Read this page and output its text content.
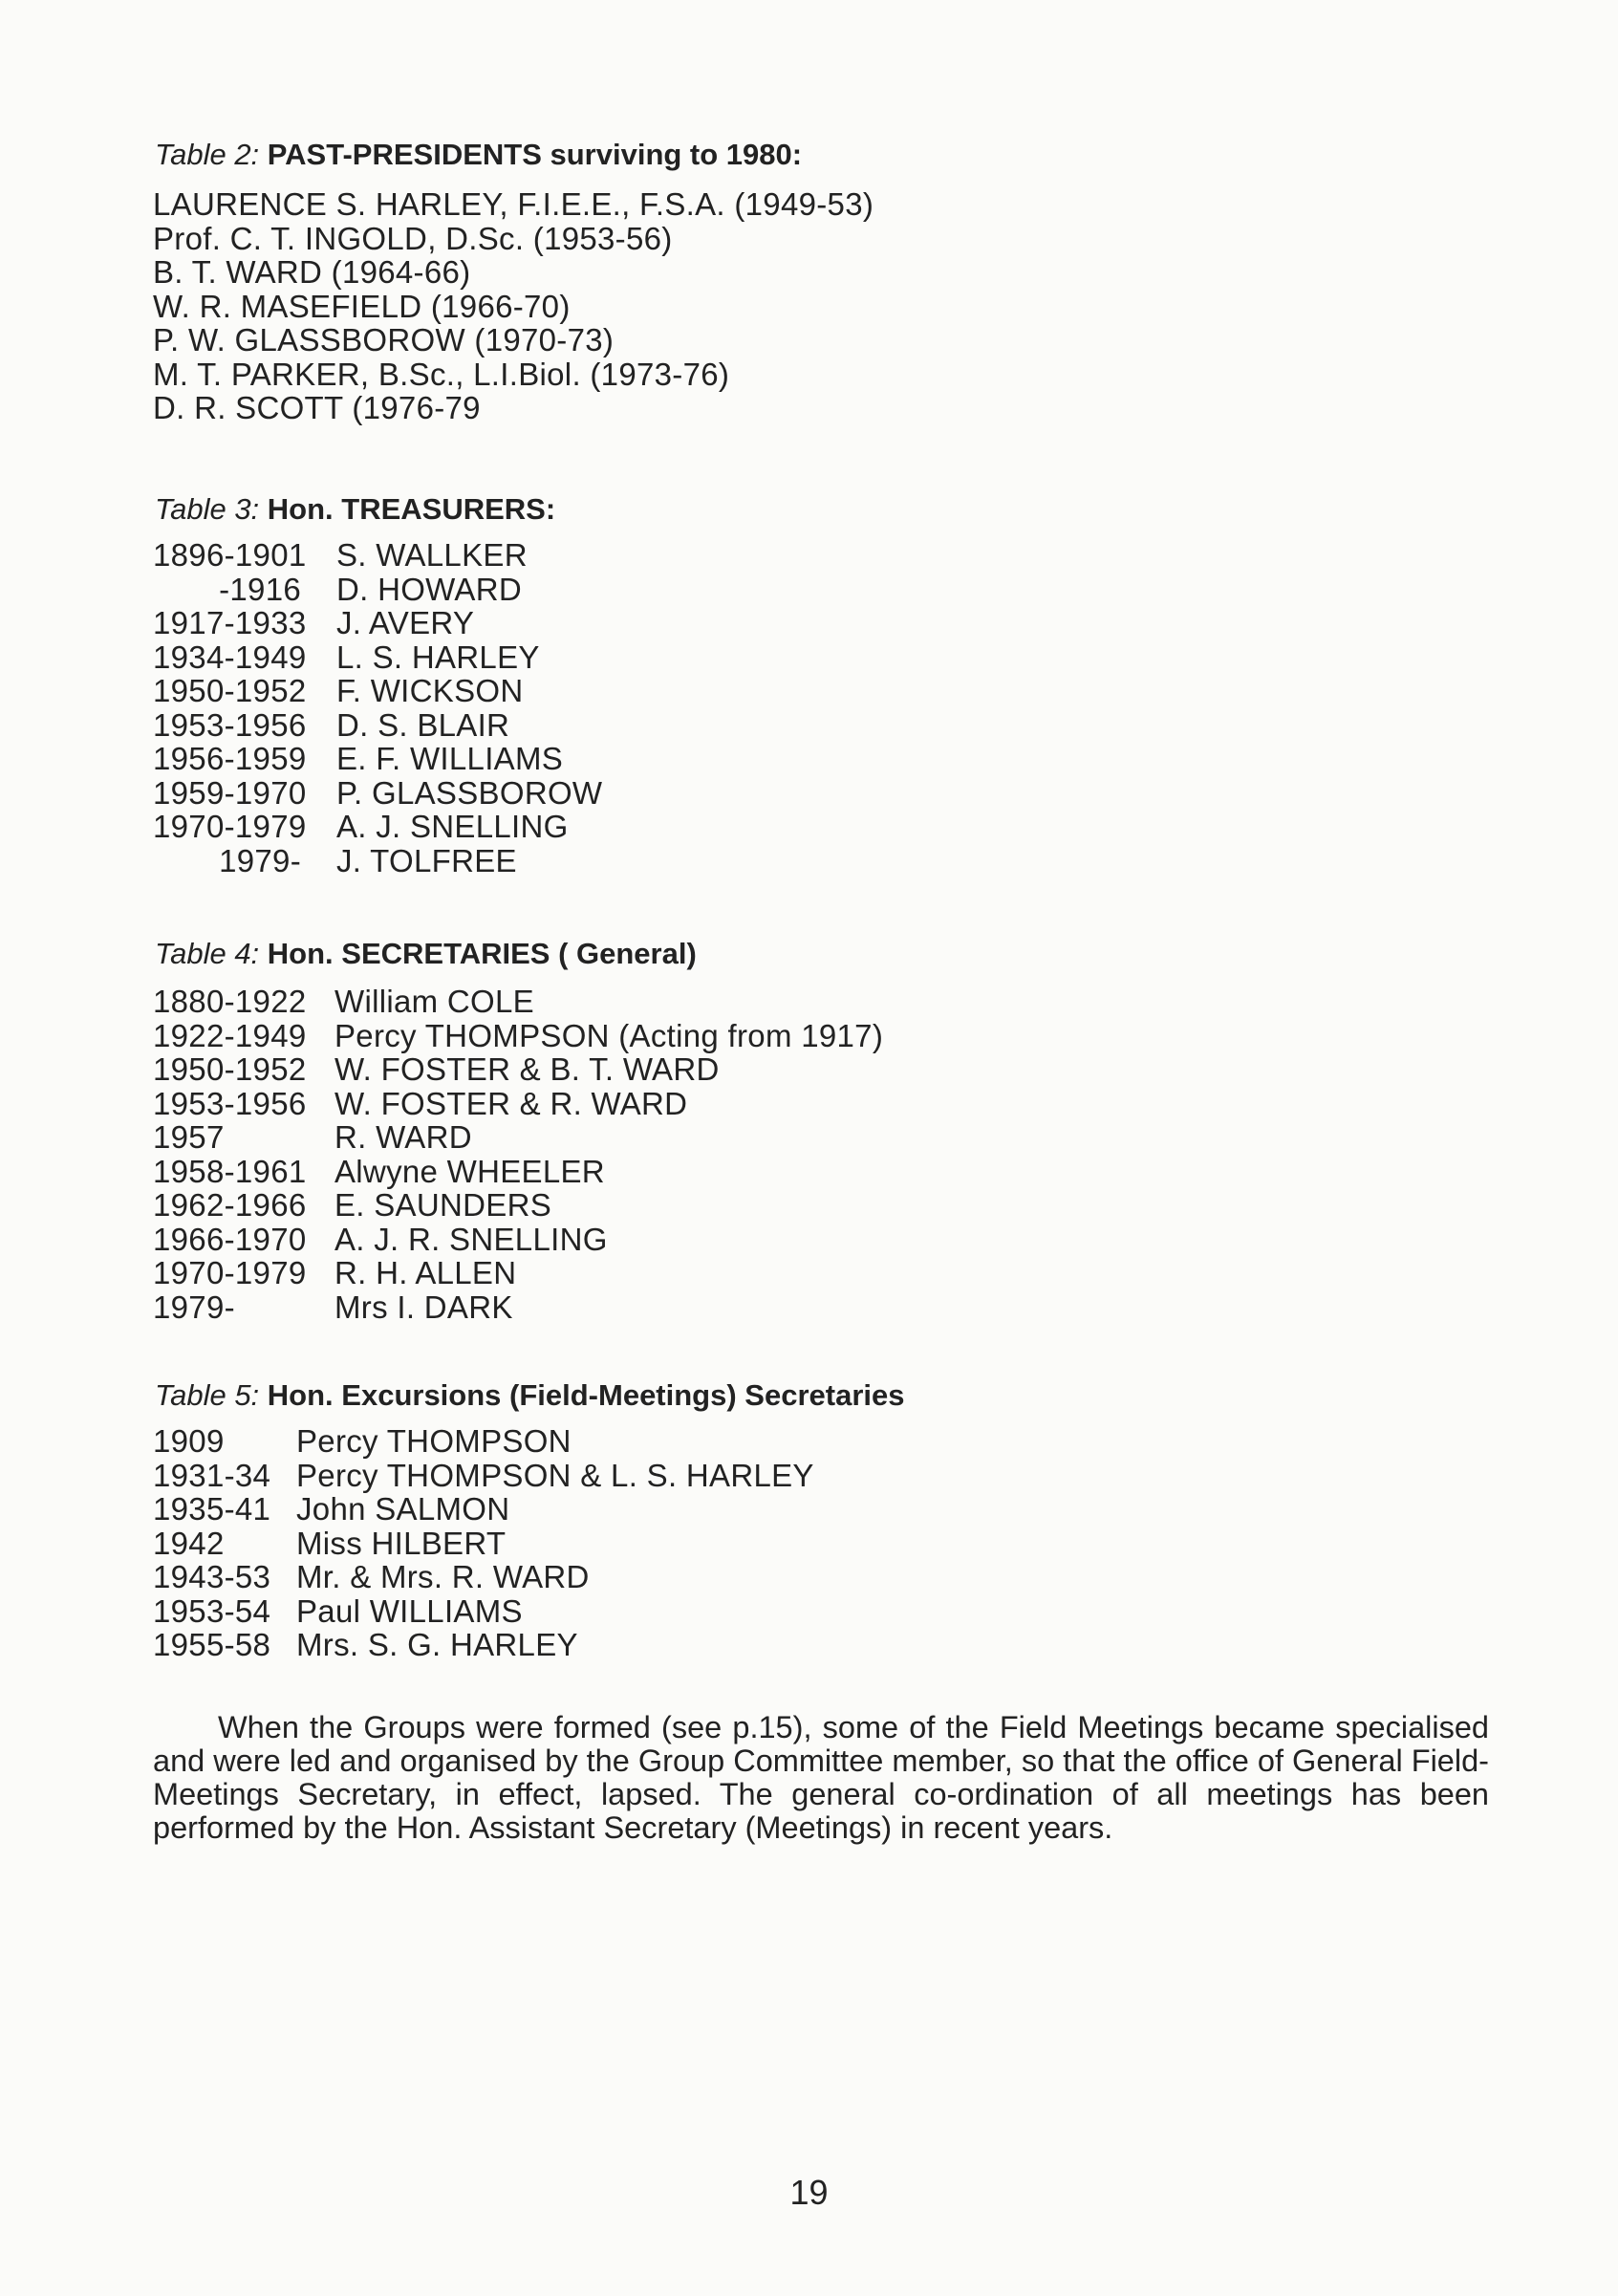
Table 2: PAST-PRESIDENTS surviving to 1980:
LAURENCE S. HARLEY, F.I.E.E., F.S.A. (1949-53)
Prof. C. T. INGOLD, D.Sc. (1953-56)
B. T. WARD (1964-66)
W. R. MASEFIELD (1966-70)
P. W. GLASSBOROW (1970-73)
M. T. PARKER, B.Sc., L.I.Biol. (1973-76)
D. R. SCOTT (1976-79
Table 3: Hon. TREASURERS:
1896-1901 S. WALLKER
-1916 D. HOWARD
1917-1933 J. AVERY
1934-1949 L. S. HARLEY
1950-1952 F. WICKSON
1953-1956 D. S. BLAIR
1956-1959 E. F. WILLIAMS
1959-1970 P. GLASSBOROW
1970-1979 A. J. SNELLING
1979- J. TOLFREE
Table 4: Hon. SECRETARIES ( General)
1880-1922 William COLE
1922-1949 Percy THOMPSON (Acting from 1917)
1950-1952 W. FOSTER & B. T. WARD
1953-1956 W. FOSTER & R. WARD
1957	R. WARD
1958-1961 Alwyne WHEELER
1962-1966 E. SAUNDERS
1966-1970 A. J. R. SNELLING
1970-1979 R. H. ALLEN
1979-	Mrs I. DARK
Table 5: Hon. Excursions (Field-Meetings) Secretaries
1909	Percy THOMPSON
1931-34 Percy THOMPSON & L. S. HARLEY
1935-41 John SALMON
1942	Miss HILBERT
1943-53 Mr. & Mrs. R. WARD
1953-54 Paul WILLIAMS
1955-58 Mrs. S. G. HARLEY

When the Groups were formed (see p.15), some of the Field Meetings became specialised and were led and organised by the Group Committee member, so that the office of General Field-Meetings Secretary, in effect, lapsed. The general co-ordination of all meetings has been performed by the Hon. Assistant Secretary (Meetings) in recent years.

19
